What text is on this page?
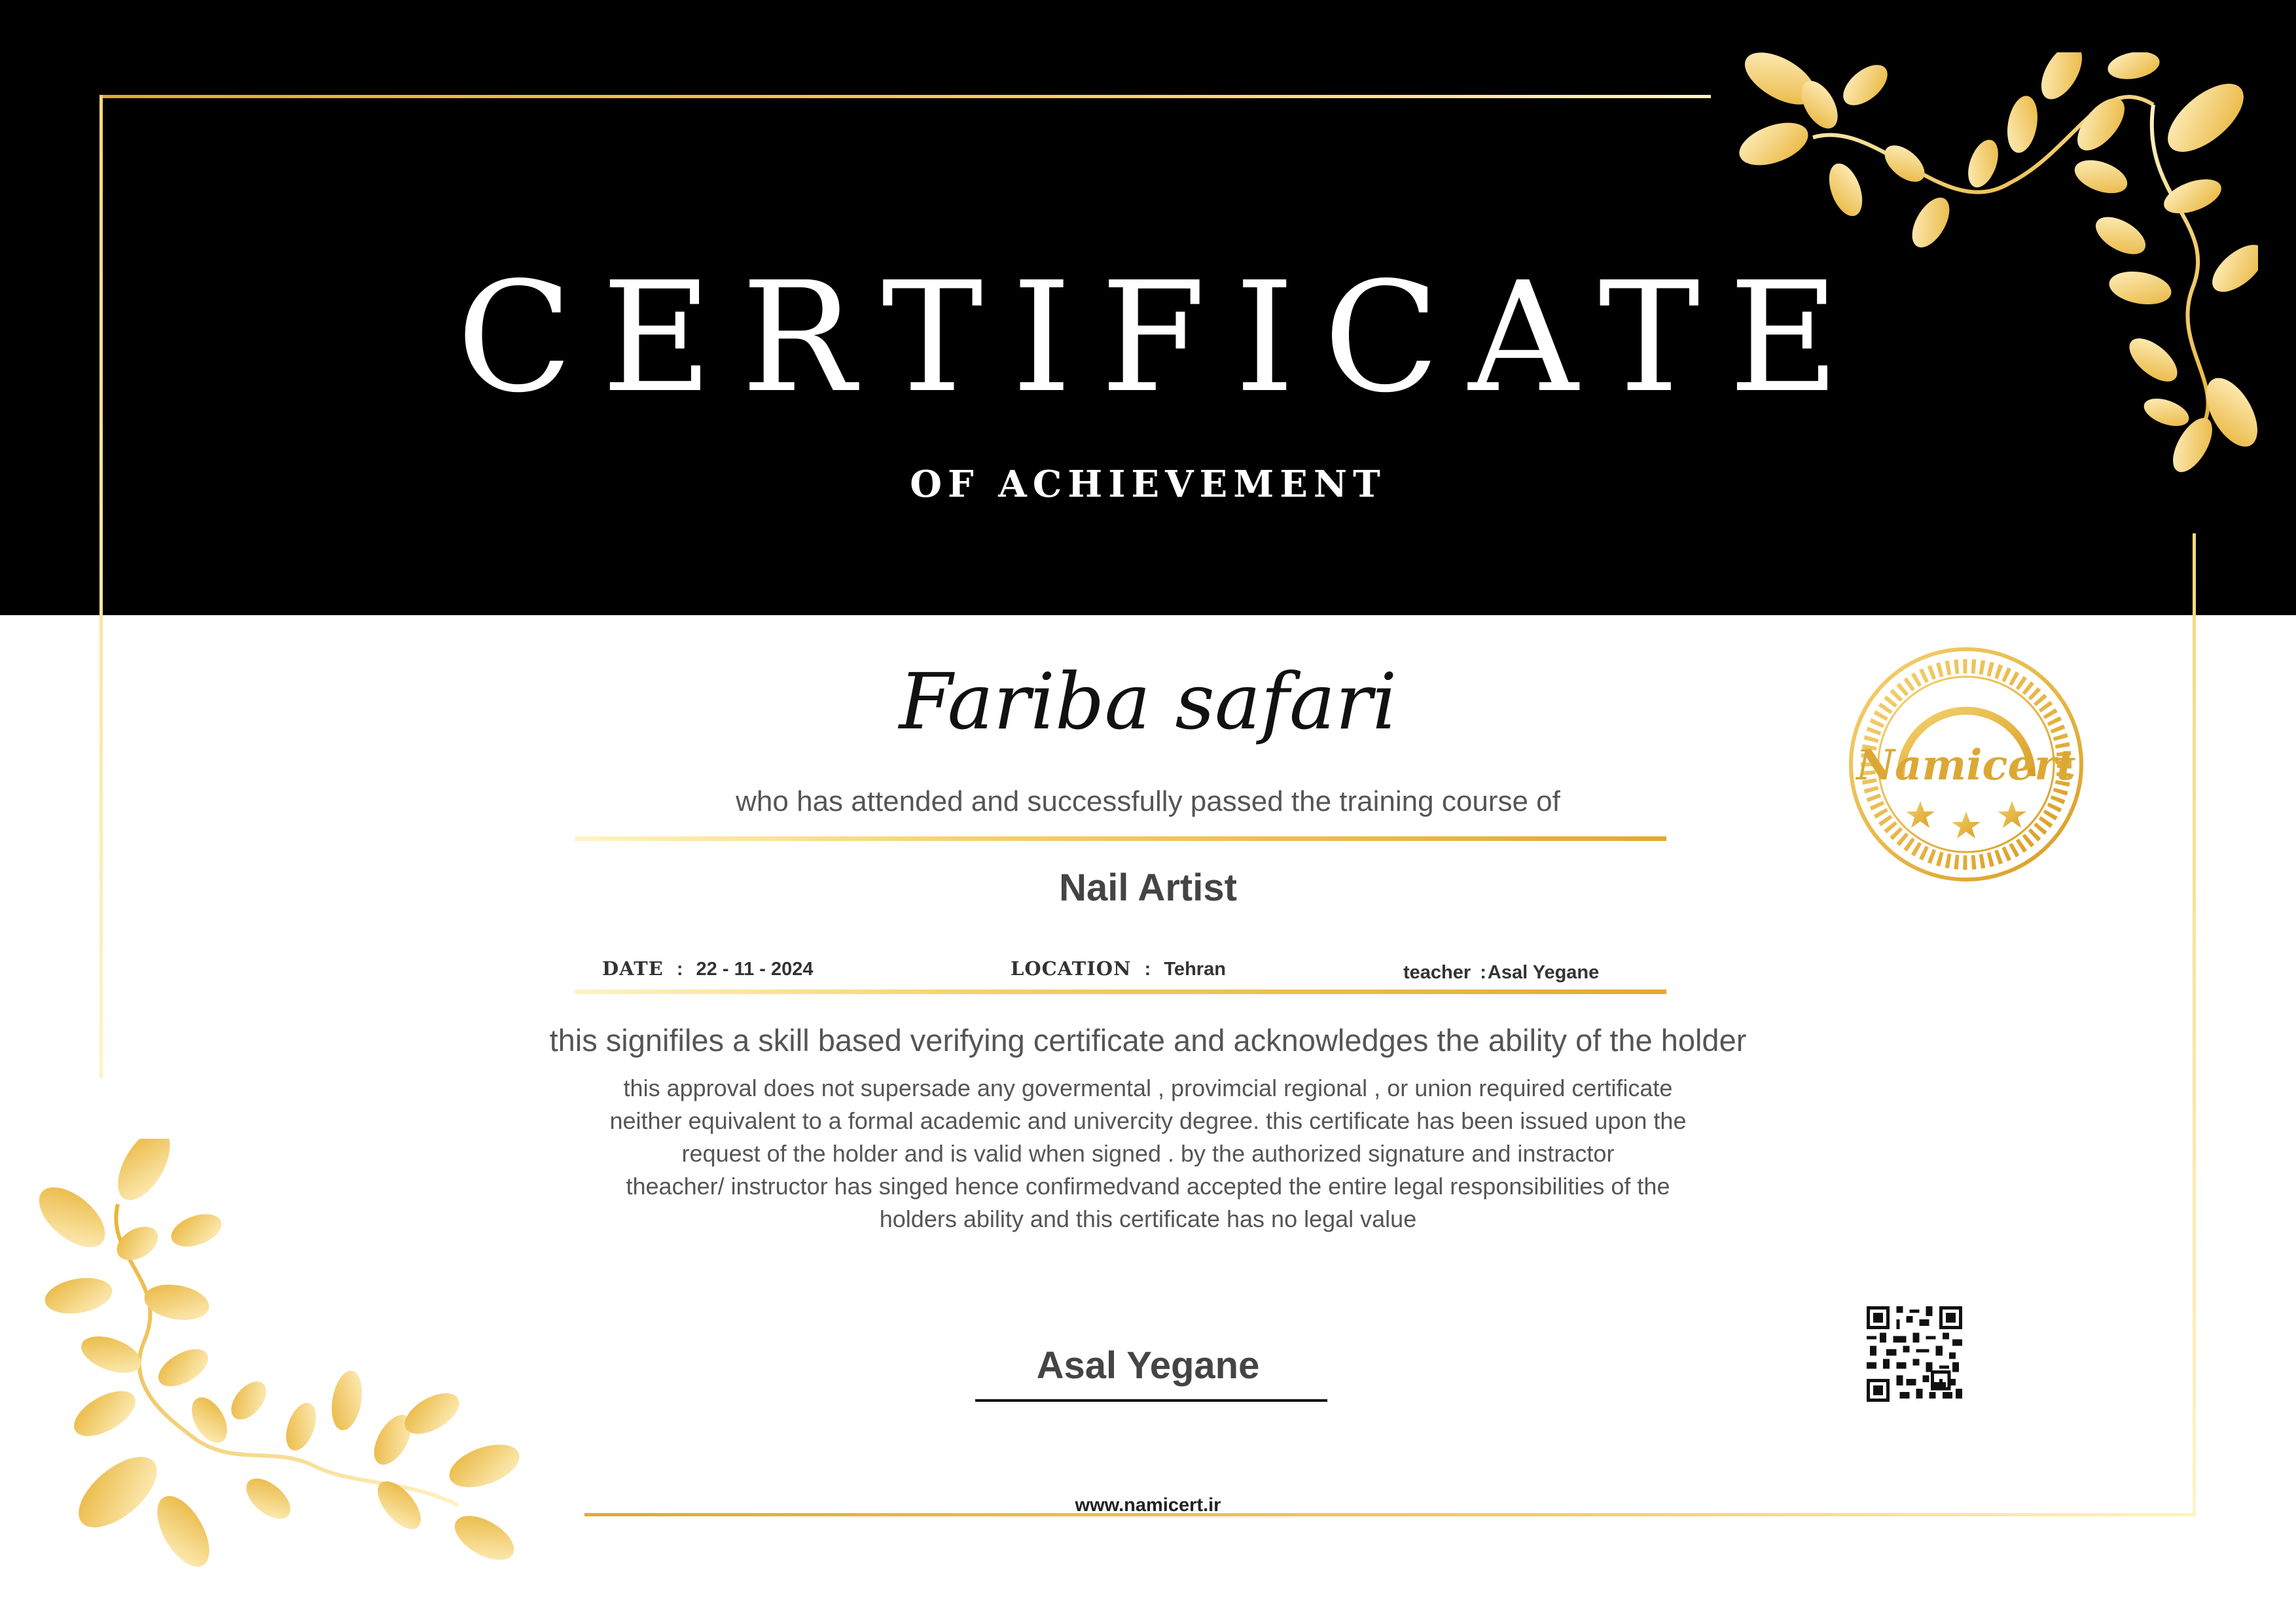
CERTIFICATE
OF ACHIEVEMENT
Fariba safari
who has attended and successfully passed the training course of
Nail Artist
DATE : 22 - 11 - 2024	LOCATION : Tehran	teacher :Asal Yegane
this signifiles a skill based verifying certificate and acknowledges the ability of the holder
this approval does not supersade any govermental , provimcial regional , or union required certificate
neither equivalent to a formal academic and univercity degree. this certificate has been issued upon the
request of the holder and is valid when signed . by the authorized signature and instractor
theacher/ instructor has singed hence confirmedvand accepted the entire legal responsibilities of the
holders ability and this certificate has no legal value
Asal Yegane
www.namicert.ir
Namicert
